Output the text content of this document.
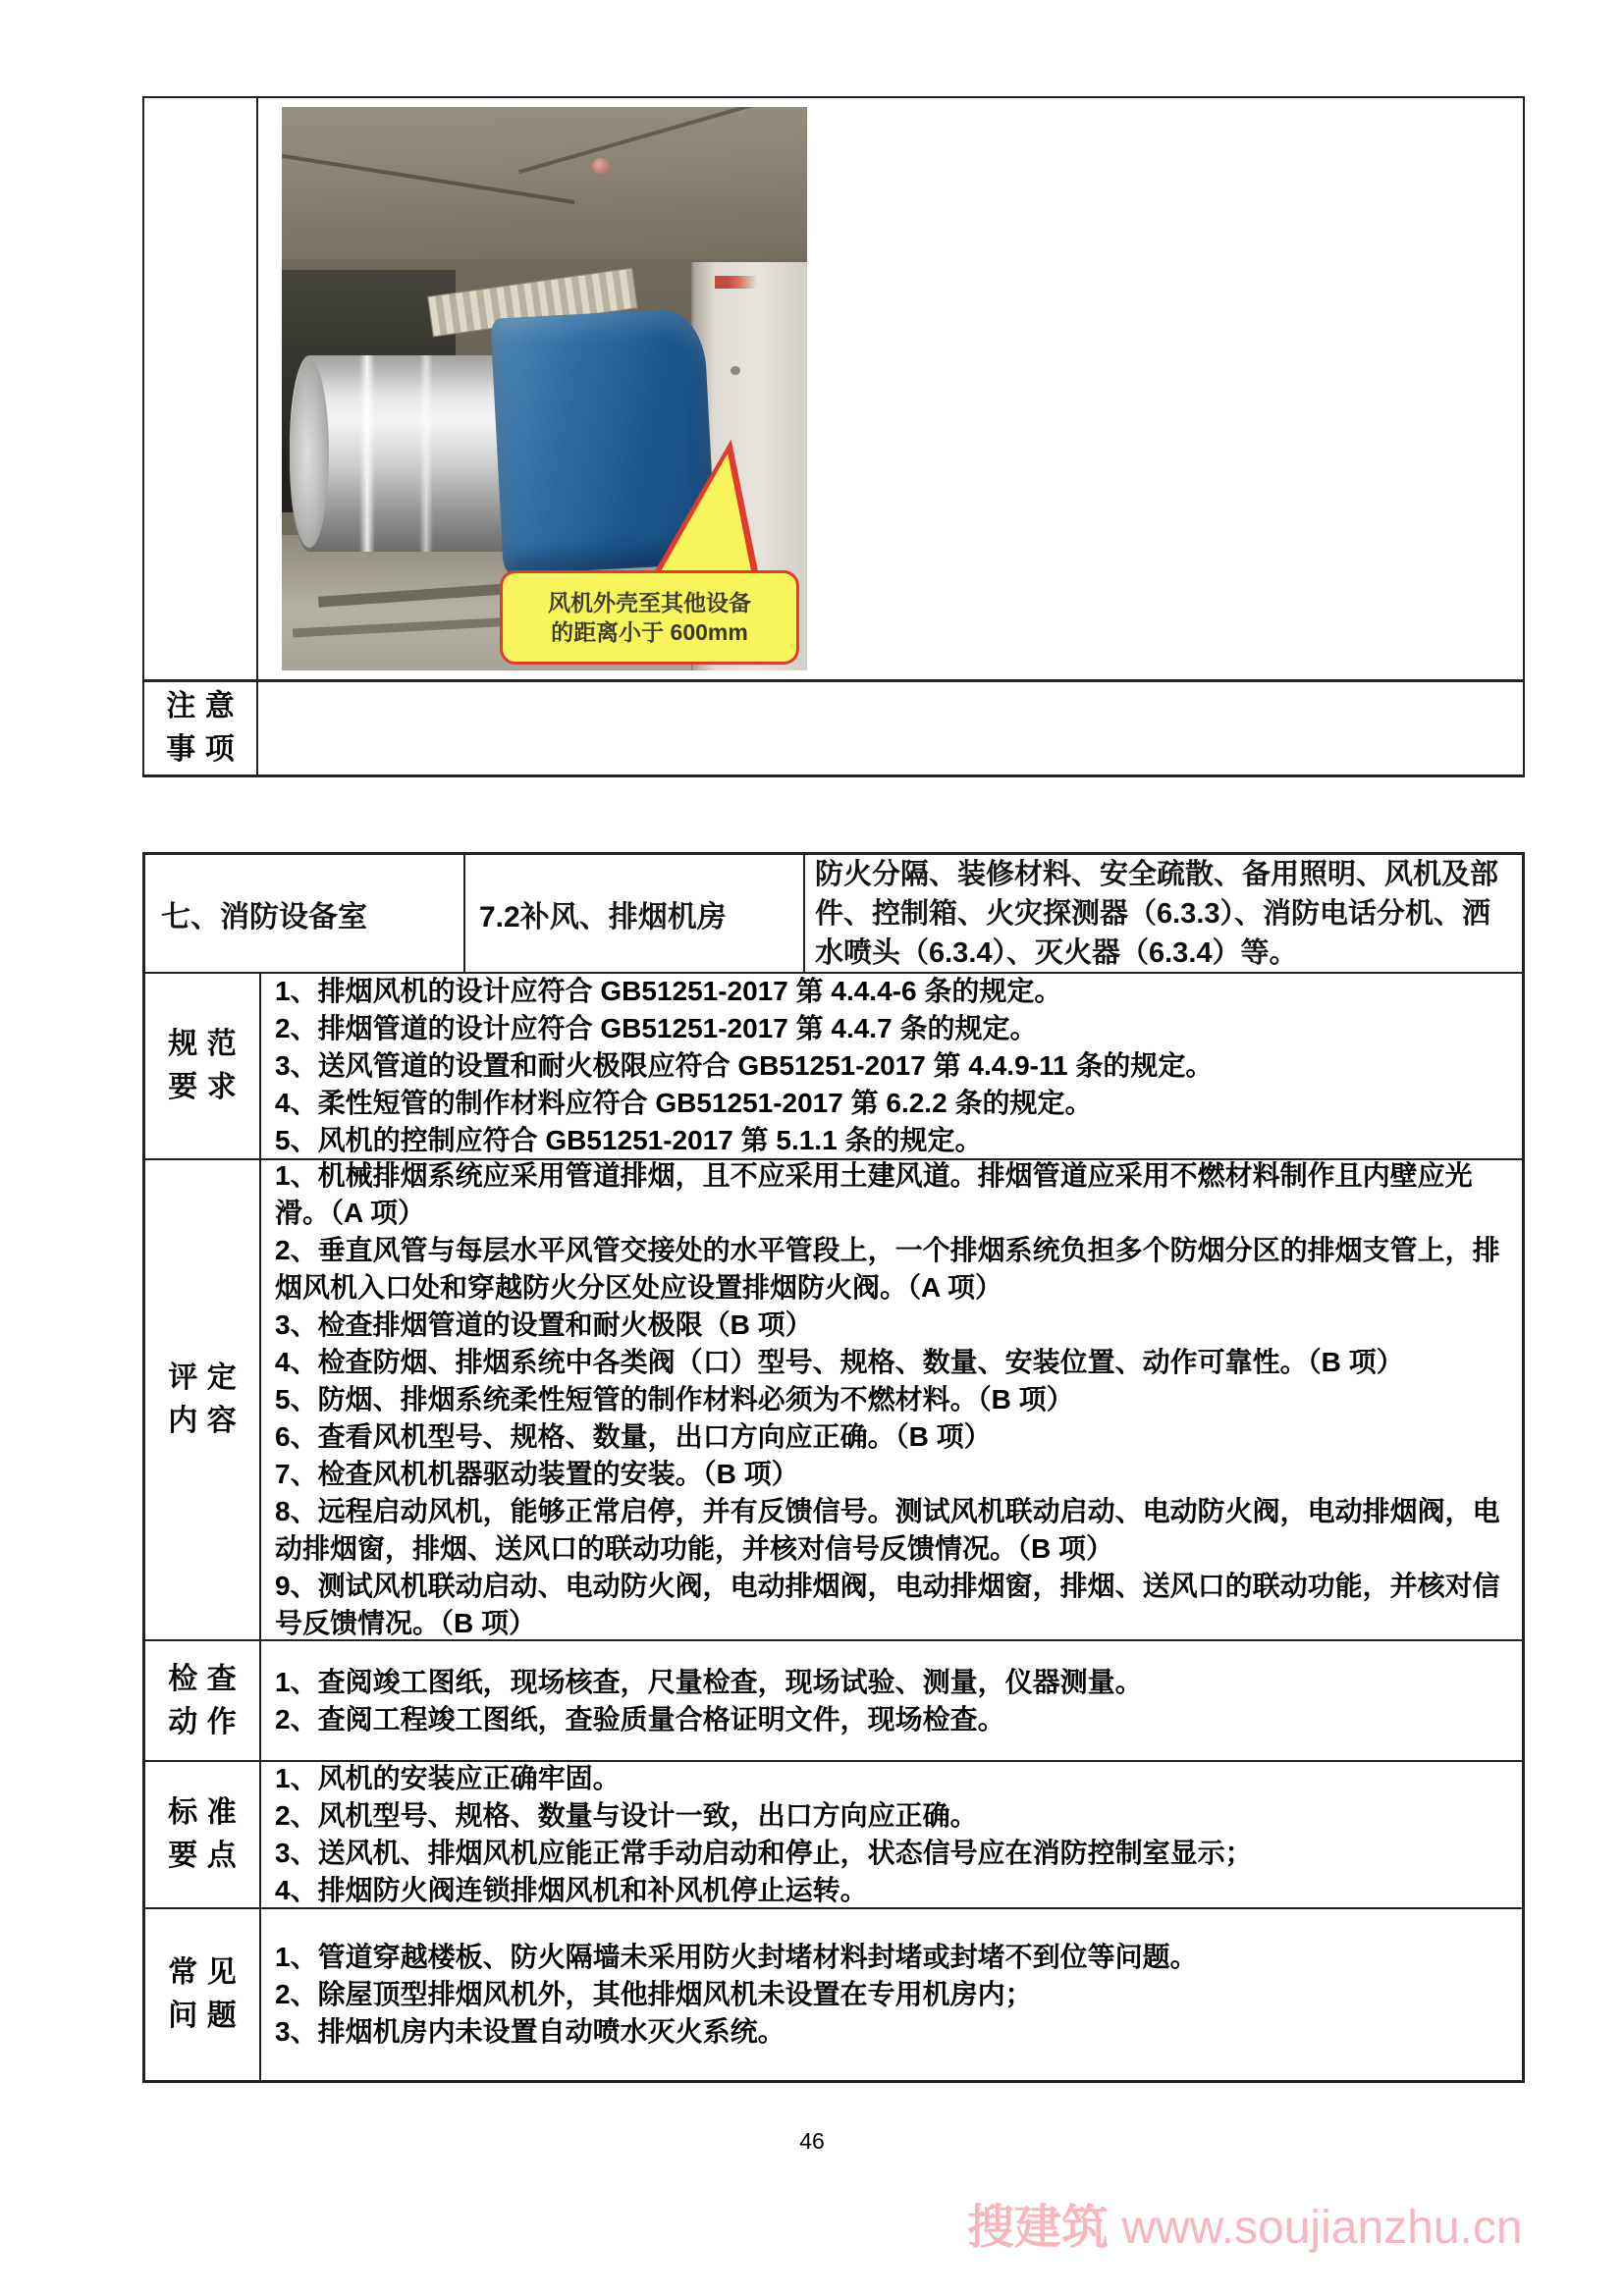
风机外壳至其他设备
的距离小于 600mm
注意
事项
七、消防设备室	7.2补风、排烟机房
防火分隔、装修材料、安全疏散、备用照明、风机及部件、控制箱、火灾探测器（6.3.3）、消防电话分机、洒水喷头（6.3.4）、灭火器（6.3.4）等。
规范
要求
1、排烟风机的设计应符合 GB51251-2017 第 4.4.4-6 条的规定。
2、排烟管道的设计应符合 GB51251-2017 第 4.4.7 条的规定。
3、送风管道的设置和耐火极限应符合 GB51251-2017 第 4.4.9-11 条的规定。
4、柔性短管的制作材料应符合 GB51251-2017 第 6.2.2 条的规定。
5、风机的控制应符合 GB51251-2017 第 5.1.1 条的规定。
评定
内容
1、机械排烟系统应采用管道排烟，且不应采用土建风道。排烟管道应采用不燃材料制作且内壁应光滑。（A 项）
2、垂直风管与每层水平风管交接处的水平管段上，一个排烟系统负担多个防烟分区的排烟支管上，排烟风机入口处和穿越防火分区处应设置排烟防火阀。（A 项）
3、检查排烟管道的设置和耐火极限（B 项）
4、检查防烟、排烟系统中各类阀（口）型号、规格、数量、安装位置、动作可靠性。（B 项）
5、防烟、排烟系统柔性短管的制作材料必须为不燃材料。（B 项）
6、查看风机型号、规格、数量，出口方向应正确。（B 项）
7、检查风机机器驱动装置的安装。（B 项）
8、远程启动风机，能够正常启停，并有反馈信号。测试风机联动启动、电动防火阀，电动排烟阀，电动排烟窗，排烟、送风口的联动功能，并核对信号反馈情况。（B 项）
9、测试风机联动启动、电动防火阀，电动排烟阀，电动排烟窗，排烟、送风口的联动功能，并核对信号反馈情况。（B 项）
检查
动作
1、查阅竣工图纸，现场核查，尺量检查，现场试验、测量，仪器测量。
2、查阅工程竣工图纸，查验质量合格证明文件，现场检查。
标准
要点
1、风机的安装应正确牢固。
2、风机型号、规格、数量与设计一致，出口方向应正确。
3、送风机、排烟风机应能正常手动启动和停止，状态信号应在消防控制室显示；
4、排烟防火阀连锁排烟风机和补风机停止运转。
常见
问题
1、管道穿越楼板、防火隔墙未采用防火封堵材料封堵或封堵不到位等问题。
2、除屋顶型排烟风机外，其他排烟风机未设置在专用机房内；
3、排烟机房内未设置自动喷水灭火系统。
46
搜建筑 www.soujianzhu.cn
